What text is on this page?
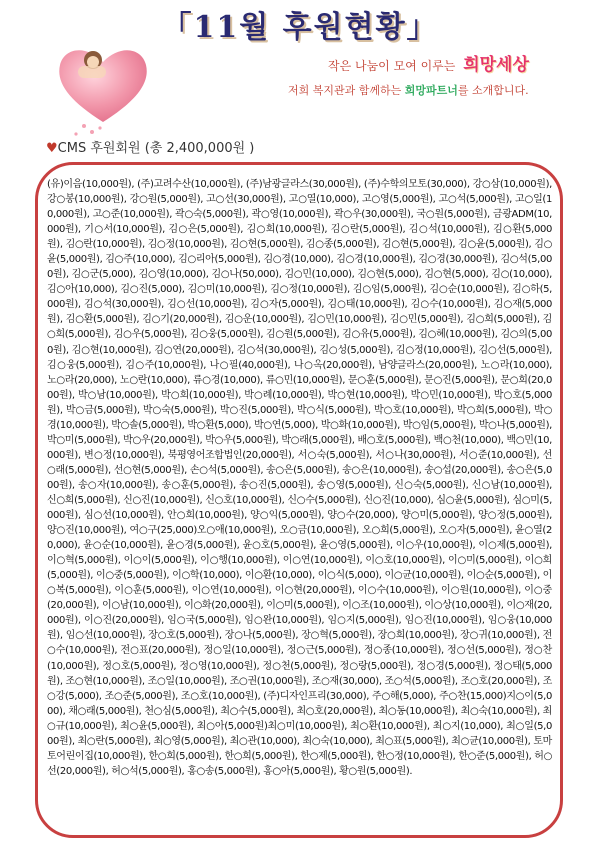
「11월 후원현황」
작은 나눔이 모여 이루는 희망세상
저희 복지관과 함께하는 희망파트너를 소개합니다.
♥CMS 후원회원 (총 2,400,000원 )
(유)이음(10,000원), (주)고려수산(10,000원), (주)남광글라스(30,000원), (주)수학의모토(30,000), 강○삼(10,000원), 강○봉(10,000원), 강○원(5,000원), 고○선(30,000원), 고○열(10,000), 고○영(5,000원), 고○석(5,000원), 고○일(10,000원), 고○준(10,000원), 곽○숙(5,000원), 곽○영(10,000원), 곽○우(30,000원), 국○원(5,000원), 금광ADM(10,000원), 기○서(10,000원), 김○은(5,000원), 김○희(10,000원), 김○란(5,000원), 김○석(10,000원), 김○환(5,000원), 김○란(10,000원), 김○정(10,000원), 김○현(5,000원), 김○종(5,000원), 김○현(5,000원), 김○윤(5,000원), 김○윤(5,000원), 김○주(10,000), 김○리아(5,000원), 김○경(10,000), 김○경(10,000원), 김○경(30,000원), 김○석(5,000원), 김○군(5,000), 김○영(10,000), 김○나(50,000), 김○민(10,000), 김○현(5,000), 김○현(5,000), 김○(10,000), 김○아(10,000), 김○진(5,000), 김○미(10,000원), 김○정(10,000원), 김○임(5,000원), 김○순(10,000원), 김○하(5,000원), 김○석(30,000원), 김○선(10,000원), 김○자(5,000원), 김○태(10,000원), 김○수(10,000원), 김○재(5,000원), 김○환(5,000원), 김○기(20,000원), 김○운(10,000원), 김○민(10,000원), 김○민(5,000원), 김○희(5,000원), 김○희(5,000원), 김○우(5,000원), 김○웅(5,000원), 김○원(5,000원), 김○유(5,000원), 김○혜(10,000원), 김○의(5,000원), 김○현(10,000원), 김○연(20,000원), 김○석(30,000원), 김○성(5,000원), 김○정(10,000원), 김○선(5,000원), 김○웅(5,000원), 김○주(10,000원), 나○필(40,000원), 나○옥(20,000원), 남양글라스(20,000원), 노○라(10,000), 노○라(20,000), 노○란(10,000), 류○경(10,000), 류○민(10,000원), 문○훈(5,000원), 문○진(5,000원), 문○희(20,000원), 박○남(10,000원), 박○희(10,000원), 박○례(10,000원), 박○현(10,000원), 박○민(10,000원), 박○호(5,000원), 박○금(5,000원), 박○숙(5,000원), 박○진(5,000원), 박○식(5,000원), 박○호(10,000원), 박○희(5,000원), 박○경(10,000원), 박○솔(5,000원), 박○환(5,000), 박○연(5,000), 박○화(10,000원), 박○임(5,000원), 박○나(5,000원), 박○미(5,000원), 박○우(20,000원), 박○우(5,000원), 박○래(5,000원), 배○호(5,000원), 백○천(10,000), 백○민(10,000원), 변○정(10,000원), 북평영어조합법인(20,000원), 서○숙(5,000원), 서○나(30,000원), 서○준(10,000원), 선○래(5,000원), 선○현(5,000원), 손○석(5,000원), 송○은(5,000원), 송○은(10,000원), 송○섭(20,000원), 송○은(5,000원), 송○자(10,000원), 송○훈(5,000원), 송○진(5,000원), 송○영(5,000원), 신○숙(5,000원), 신○남(10,000원), 신○희(5,000원), 신○진(10,000원), 신○호(10,000원), 신○수(5,000원), 신○진(10,000), 심○윤(5,000원), 심○미(5,000원), 심○선(10,000원), 안○희(10,000원), 양○익(5,000원), 양○수(20,000), 양○미(5,000원), 양○정(5,000원), 양○진(10,000원), 여○구(25,000)오○애(10,000원), 오○금(10,000원), 오○희(5,000원), 오○자(5,000원), 윤○열(20,000), 윤○순(10,000원), 윤○경(5,000원), 윤○호(5,000원), 윤○영(5,000원), 이○우(10,000원), 이○제(5,000원), 이○혁(5,000원), 이○이(5,000원), 이○행(10,000원), 이○연(10,000원), 이○호(10,000원), 이○미(5,000원), 이○희(5,000원), 이○중(5,000원), 이○학(10,000), 이○환(10,000), 이○식(5,000), 이○균(10,000원), 이○순(5,000원), 이○복(5,000원), 이○훈(5,000원), 이○연(10,000원), 이○현(20,000원), 이○수(10,000원), 이○원(10,000원), 이○중(20,000원), 이○남(10,000원), 이○화(20,000원), 이○미(5,000원), 이○조(10,000원), 이○상(10,000원), 이○재(20,000원), 이○진(20,000원), 임○국(5,000원), 임○완(10,000원), 임○지(5,000원), 임○진(10,000원), 임○웅(10,000원), 임○선(10,000원), 장○호(5,000원), 장○나(5,000원), 장○혁(5,000원), 장○희(10,000원), 장○귀(10,000원), 전○수(10,000원), 전○표(20,000원), 정○일(10,000원), 정○근(5,000원), 정○종(10,000원), 정○선(5,000원), 정○찬(10,000원), 정○호(5,000원), 정○영(10,000원), 정○천(5,000원), 정○랑(5,000원), 정○경(5,000원), 정○태(5,000원), 조○현(10,000원), 조○일(10,000원), 조○권(10,000원), 조○재(30,000), 조○석(5,000원), 조○호(20,000원), 조○강(5,000), 조○준(5,000원), 조○호(10,000원), (주)디자인프리(30,000), 주○해(5,000), 주○찬(15,000)지○이(5,000), 채○래(5,000원), 천○심(5,000원), 최○수(5,000원), 최○호(20,000원), 최○동(10,000원), 최○숙(10,000원), 최○규(10,000원), 최○윤(5,000원), 최○아(5,000원)최○미(10,000원), 최○환(10,000원), 최○지(10,000), 최○일(5,000원), 최○란(5,000원), 최○영(5,000원), 최○관(10,000), 최○숙(10,000), 최○표(5,000원), 최○균(10,000원), 토마토어린이집(10,000원), 한○희(5,000원), 한○희(5,000원), 한○제(5,000원), 한○정(10,000원), 한○준(5,000원), 허○선(20,000원), 허○석(5,000원), 홍○송(5,000원), 홍○아(5,000원), 황○원(5,000원).
